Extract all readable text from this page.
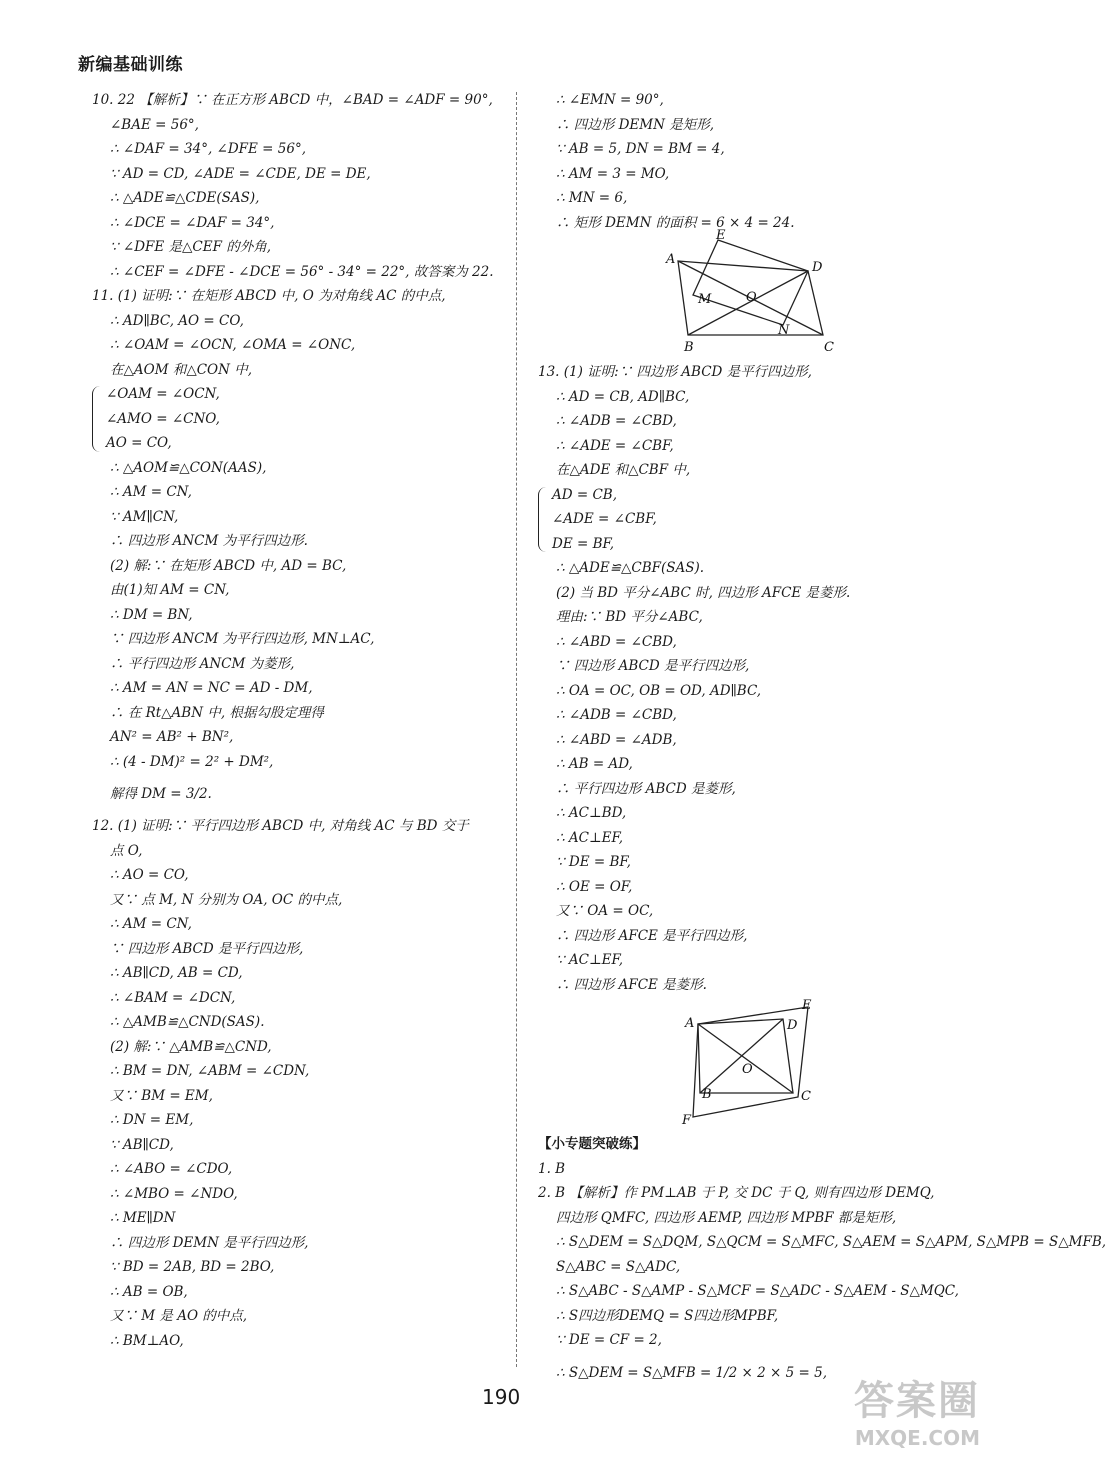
新编基础训练
10. 22 【解析】∵ 在正方形 ABCD 中，∠BAD = ∠ADF = 90°,
∠BAE = 56°,
∴ ∠DAF = 34°, ∠DFE = 56°,
∵ AD = CD, ∠ADE = ∠CDE, DE = DE,
∴ △ADE≌△CDE(SAS),
∴ ∠DCE = ∠DAF = 34°,
∵ ∠DFE 是△CEF 的外角,
∴ ∠CEF = ∠DFE - ∠DCE = 56° - 34° = 22°, 故答案为 22.
11. (1) 证明:∵ 在矩形 ABCD 中, O 为对角线 AC 的中点,
∴ AD∥BC, AO = CO,
∴ ∠OAM = ∠OCN, ∠OMA = ∠ONC,
在△AOM 和△CON 中,
∠OAM = ∠OCN,
∠AMO = ∠CNO,
AO = CO,
∴ △AOM≌△CON(AAS),
∴ AM = CN,
∵ AM∥CN,
∴ 四边形 ANCM 为平行四边形.
(2) 解:∵ 在矩形 ABCD 中, AD = BC,
由(1)知 AM = CN,
∴ DM = BN,
∵ 四边形 ANCM 为平行四边形, MN⊥AC,
∴ 平行四边形 ANCM 为菱形,
∴ AM = AN = NC = AD - DM,
∴ 在 Rt△ABN 中, 根据勾股定理得
AN² = AB² + BN²,
∴ (4 - DM)² = 2² + DM²,
解得 DM = 3/2.
12. (1) 证明:∵ 平行四边形 ABCD 中, 对角线 AC 与 BD 交于
点 O,
∴ AO = CO,
又∵ 点 M, N 分别为 OA, OC 的中点,
∴ AM = CN,
∵ 四边形 ABCD 是平行四边形,
∴ AB∥CD, AB = CD,
∴ ∠BAM = ∠DCN,
∴ △AMB≌△CND(SAS).
(2) 解:∵ △AMB≌△CND,
∴ BM = DN, ∠ABM = ∠CDN,
又∵ BM = EM,
∴ DN = EM,
∵ AB∥CD,
∴ ∠ABO = ∠CDO,
∴ ∠MBO = ∠NDO,
∴ ME∥DN
∴ 四边形 DEMN 是平行四边形,
∵ BD = 2AB, BD = 2BO,
∴ AB = OB,
又∵ M 是 AO 的中点,
∴ BM⊥AO,
∴ ∠EMN = 90°,
∴ 四边形 DEMN 是矩形,
∵ AB = 5, DN = BM = 4,
∴ AM = 3 = MO,
∴ MN = 6,
∴ 矩形 DEMN 的面积 = 6 × 4 = 24.
E
A
D
M	O
N
B	C
13. (1) 证明:∵ 四边形 ABCD 是平行四边形,
∴ AD = CB, AD∥BC,
∴ ∠ADB = ∠CBD,
∴ ∠ADE = ∠CBF,
在△ADE 和△CBF 中,
AD = CB,
∠ADE = ∠CBF,
DE = BF,
∴ △ADE≌△CBF(SAS).
(2) 当 BD 平分∠ABC 时, 四边形 AFCE 是菱形.
理由:∵ BD 平分∠ABC,
∴ ∠ABD = ∠CBD,
∵ 四边形 ABCD 是平行四边形,
∴ OA = OC, OB = OD, AD∥BC,
∴ ∠ADB = ∠CBD,
∴ ∠ABD = ∠ADB,
∴ AB = AD,
∴ 平行四边形 ABCD 是菱形,
∴ AC⊥BD,
∴ AC⊥EF,
∵ DE = BF,
∴ OE = OF,
又∵ OA = OC,
∴ 四边形 AFCE 是平行四边形,
∵ AC⊥EF,
∴ 四边形 AFCE 是菱形.
E
A	D
O
B	C
F
【小专题突破练】
1. B
2. B 【解析】作 PM⊥AB 于 P, 交 DC 于 Q, 则有四边形 DEMQ,
四边形 QMFC, 四边形 AEMP, 四边形 MPBF 都是矩形,
∴ S△DEM = S△DQM, S△QCM = S△MFC, S△AEM = S△APM, S△MPB = S△MFB,
S△ABC = S△ADC,
∴ S△ABC - S△AMP - S△MCF = S△ADC - S△AEM - S△MQC,
∴ S四边形DEMQ = S四边形MPBF,
∵ DE = CF = 2,
∴ S△DEM = S△MFB = 1/2 × 2 × 5 = 5,
190	答案圈
MXQE.COM
